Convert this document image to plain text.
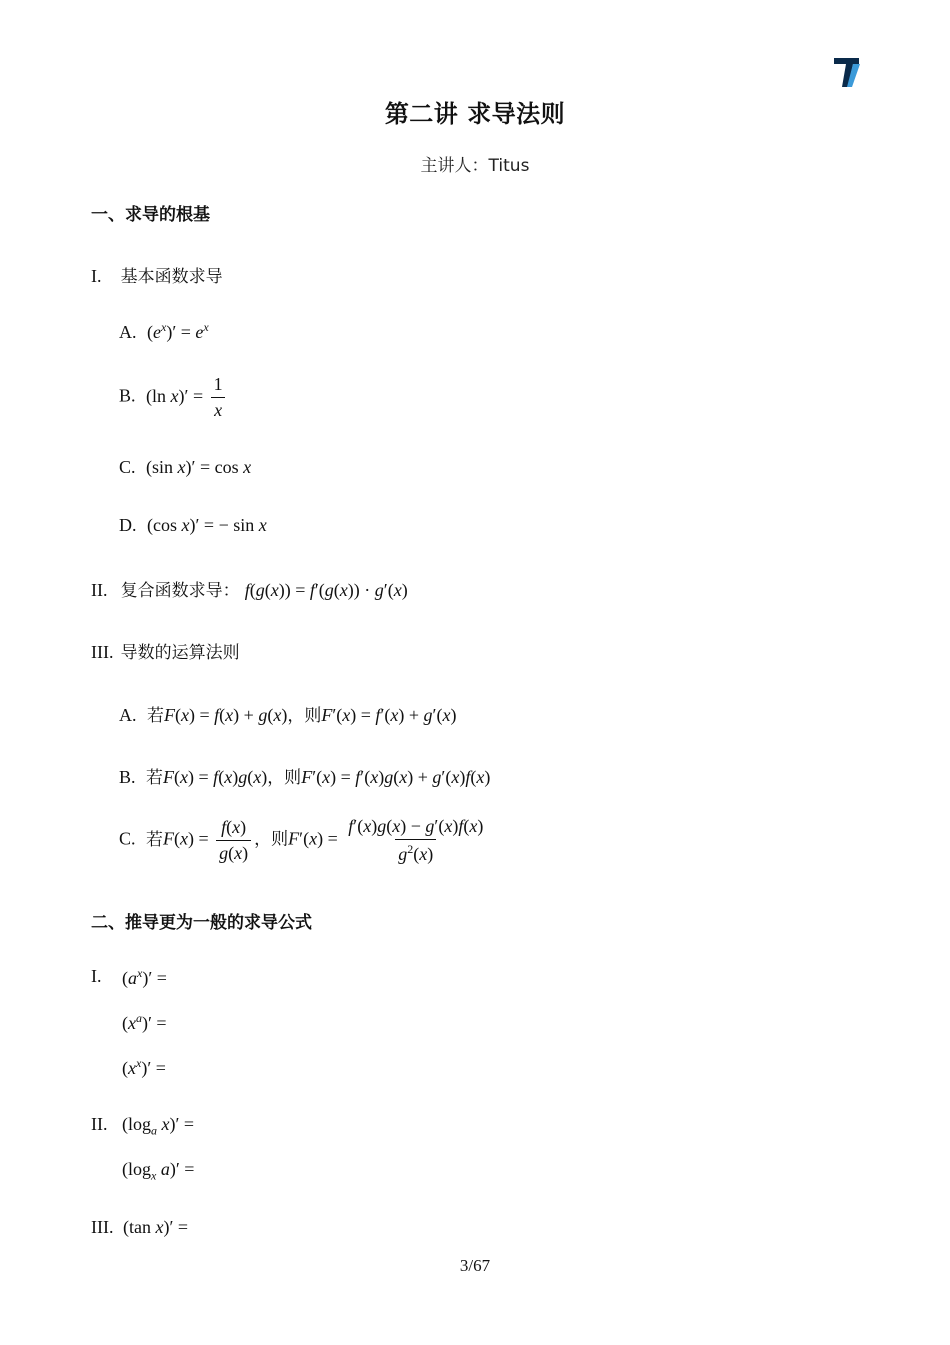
第二讲 求导法则
主讲人：Titus
一、求导的根基
I. 基本函数求导
A. $(e^x)' = e^x$
B. (ln $x)' = \frac{1}{x}$
C. (sin x)′ = cos x
D. (cos x)′ = − sin x
II. 复合函数求导： f(g(x)) = f′(g(x)) · g′(x)
III. 导数的运算法则
A. 若F(x) = f(x) + g(x)，则F′(x) = f′(x) + g′(x)
B. 若F(x) = f(x)g(x)，则F′(x) = f′(x)g(x) + g′(x)f(x)
C. 若$F(x) = \frac{f(x)}{g(x)}$ ，则$F'(x) = \frac{f'(x)g(x) - g'(x)f(x)}{g^2(x)}$
二、推导更为一般的求导公式
I. $(a^x)'$ =
$(x^a)'$ =
$(x^x)'$ =
II. ($\log_a$ x)′ =
($\log_x$ a)′ =
III. (tan x)′ =
3/67
